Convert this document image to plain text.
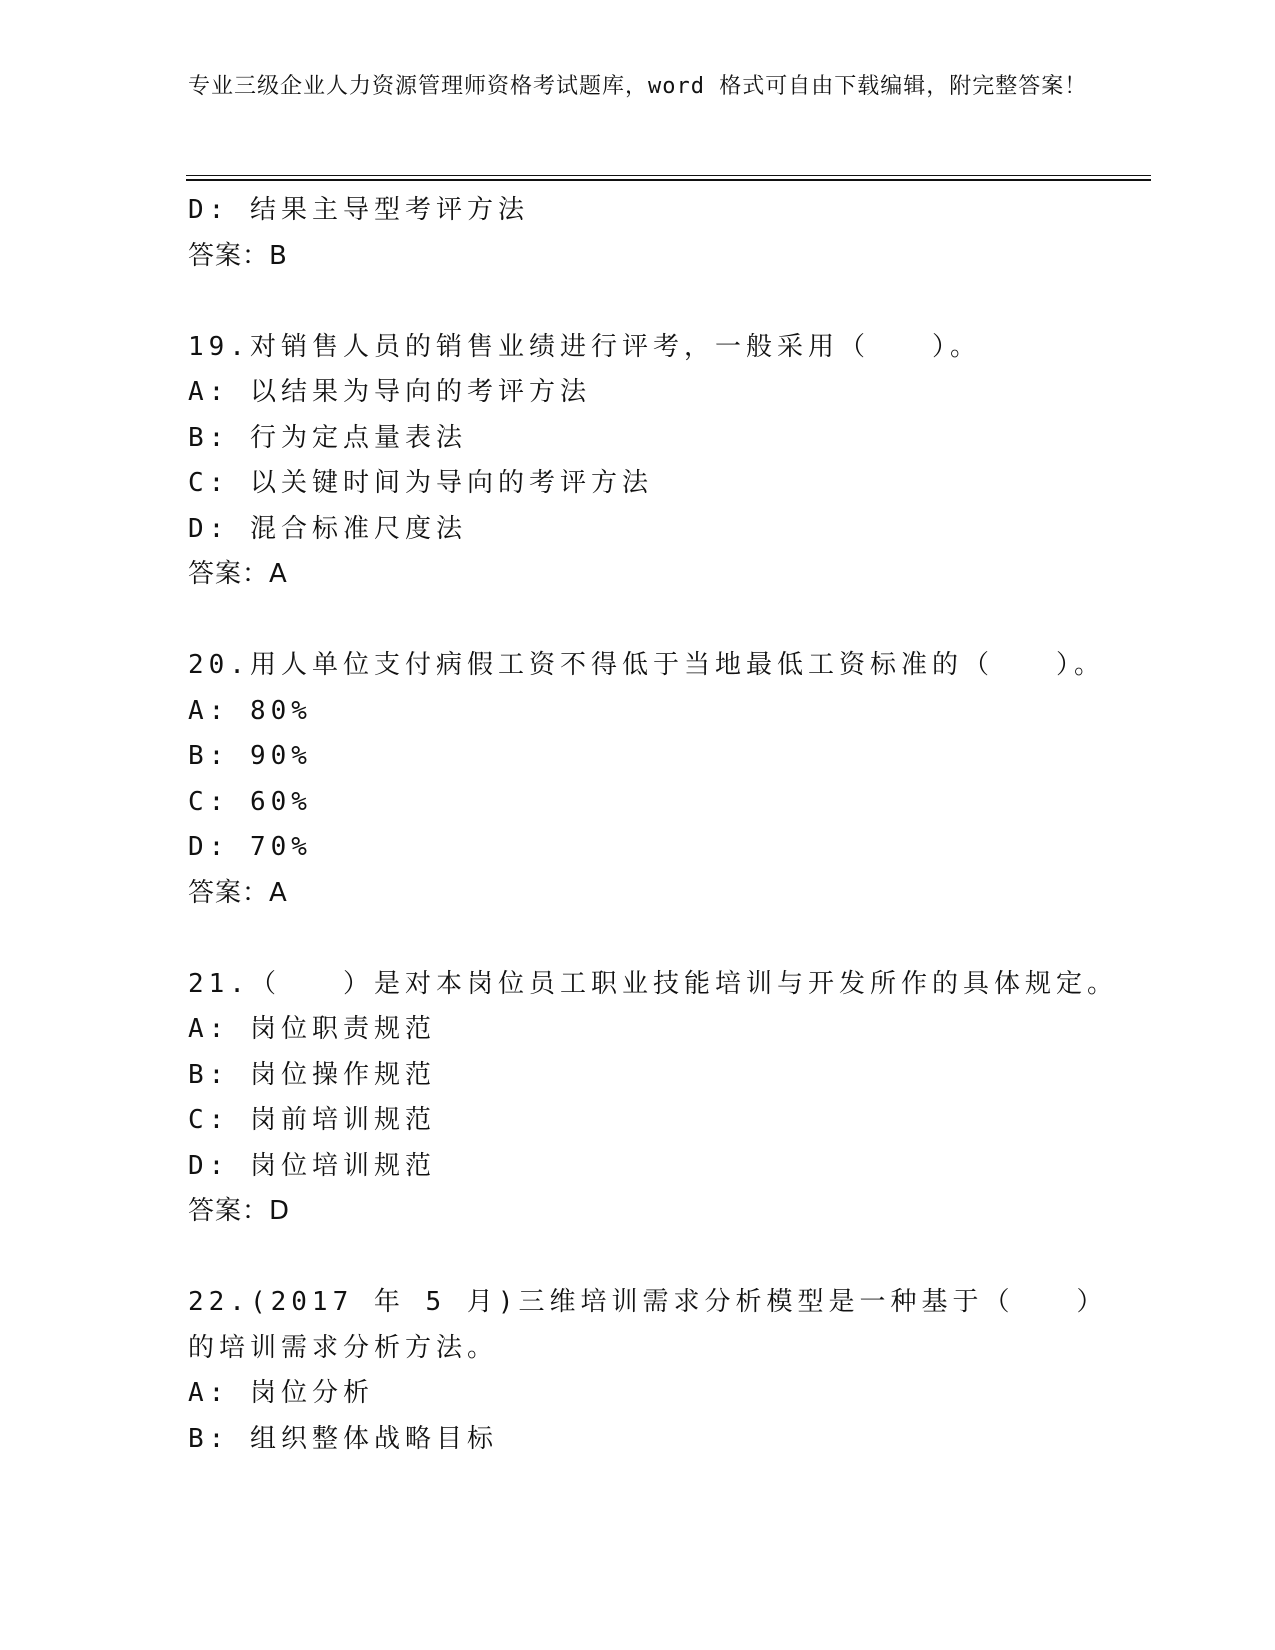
专业三级企业人力资源管理师资格考试题库，word 格式可自由下载编辑，附完整答案！
D: 结果主导型考评方法
答案：B
19.对销售人员的销售业绩进行评考，一般采用（　　）。
A: 以结果为导向的考评方法
B: 行为定点量表法
C: 以关键时间为导向的考评方法
D: 混合标准尺度法
答案：A
20.用人单位支付病假工资不得低于当地最低工资标准的（　　）。
A: 80%
B: 90%
C: 60%
D: 70%
答案：A
21.（　　）是对本岗位员工职业技能培训与开发所作的具体规定。
A: 岗位职责规范
B: 岗位操作规范
C: 岗前培训规范
D: 岗位培训规范
答案：D
22.(2017 年 5 月)三维培训需求分析模型是一种基于（　　）的培训需求分析方法。
A: 岗位分析
B: 组织整体战略目标
